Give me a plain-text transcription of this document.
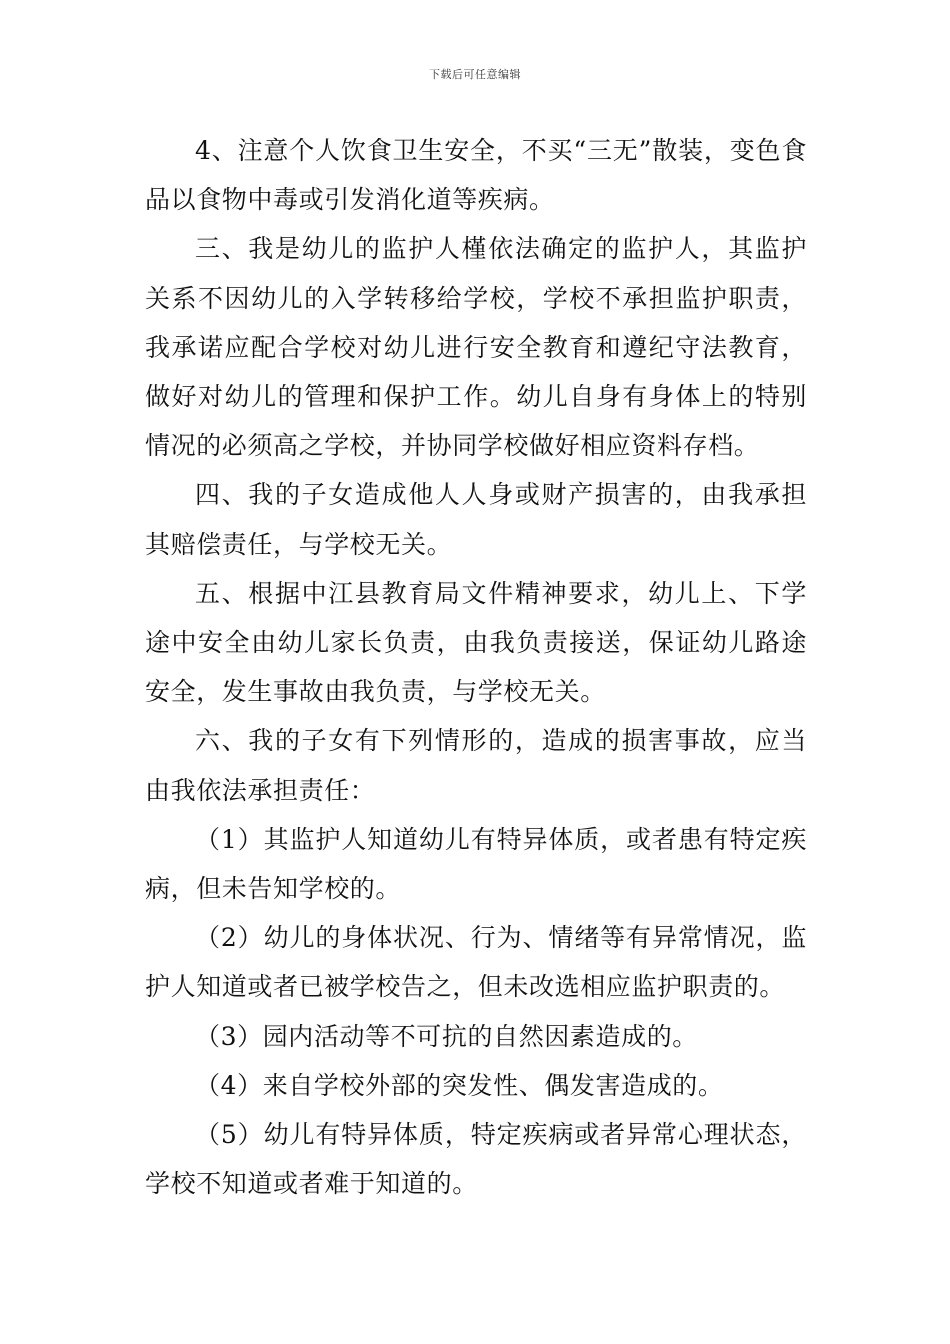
下载后可任意编辑

4、注意个人饮食卫生安全，不买“三无”散装，变色食品以食物中毒或引发消化道等疾病。

三、我是幼儿的监护人槿依法确定的监护人，其监护关系不因幼儿的入学转移给学校，学校不承担监护职责，我承诺应配合学校对幼儿进行安全教育和遵纪守法教育，做好对幼儿的管理和保护工作。幼儿自身有身体上的特别情况的必须高之学校，并协同学校做好相应资料存档。

四、我的子女造成他人人身或财产损害的，由我承担其赔偿责任，与学校无关。

五、根据中江县教育局文件精神要求，幼儿上、下学途中安全由幼儿家长负责，由我负责接送，保证幼儿路途安全，发生事故由我负责，与学校无关。

六、我的子女有下列情形的，造成的损害事故，应当由我依法承担责任：

（1）其监护人知道幼儿有特异体质，或者患有特定疾病，但未告知学校的。

（2）幼儿的身体状况、行为、情绪等有异常情况，监护人知道或者已被学校告之，但未改选相应监护职责的。

（3）园内活动等不可抗的自然因素造成的。

（4）来自学校外部的突发性、偶发害造成的。

（5）幼儿有特异体质，特定疾病或者异常心理状态，学校不知道或者难于知道的。
